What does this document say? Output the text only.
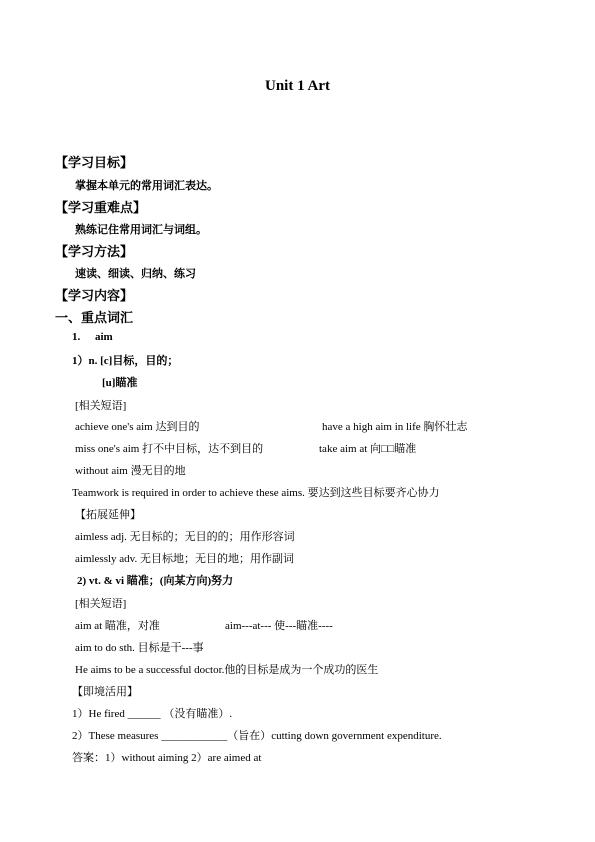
Unit 1 Art
【学习目标】
掌握本单元的常用词汇表达。
【学习重难点】
熟练记住常用词汇与词组。
【学习方法】
速读、细读、归纳、练习
【学习内容】
一、重点词汇
1. aim
1）n. [c]目标，目的；
[u]瞄准
[相关短语]
achieve one's aim 达到目的	have a high aim in life 胸怀壮志
miss one's aim 打不中目标，达不到目的	take aim at 向□□瞄准
without aim 漫无目的地
Teamwork is required in order to achieve these aims. 要达到这些目标要齐心协力
【拓展延伸】
aimless adj. 无目标的；无目的的；用作形容词
aimlessly adv. 无目标地；无目的地；用作副词
2) vt. & vi 瞄准；(向某方向)努力
[相关短语]
aim at 瞄准，对准	aim---at--- 使---瞄准----
aim to do sth. 目标是干---事
He aims to be a successful doctor.他的目标是成为一个成功的医生
【即境活用】
1）He fired ______ （没有瞄准）.
2）These measures ____________（旨在）cutting down government expenditure.
答案：1）without aiming 2）are aimed at
